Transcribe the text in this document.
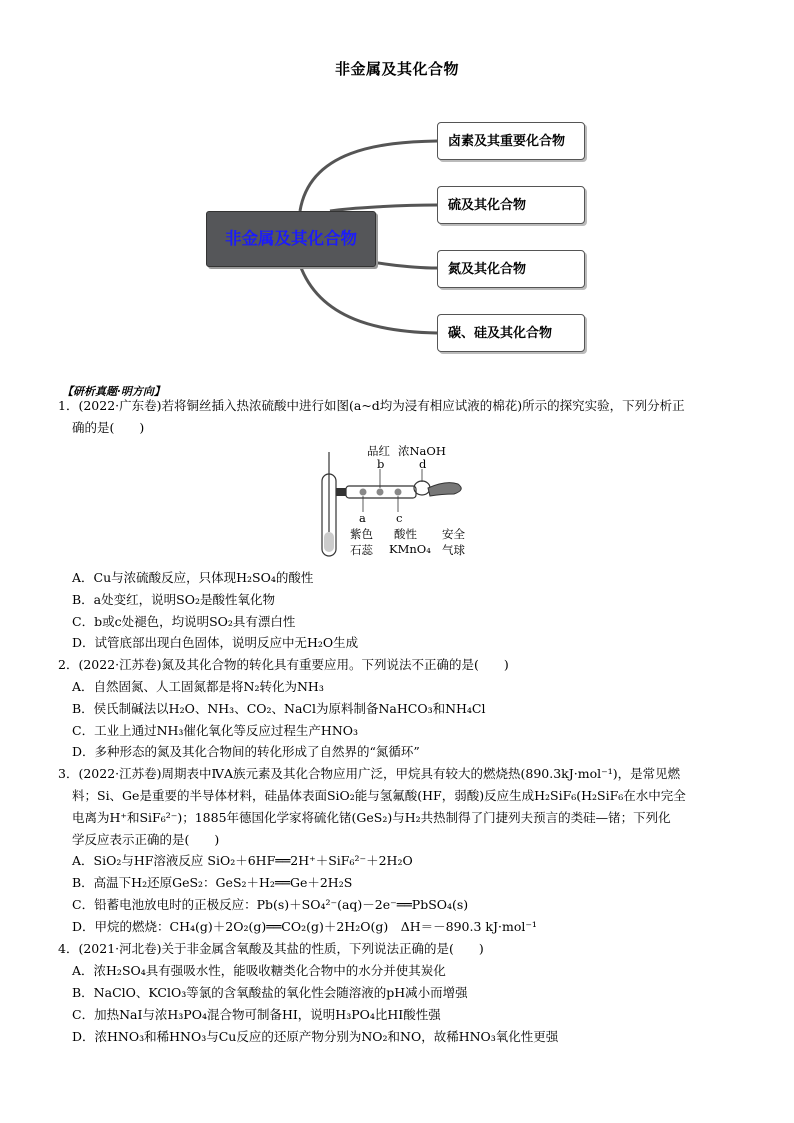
非金属及其化合物
非金属及其化合物
卤素及其重要化合物
硫及其化合物
氮及其化合物
碳、硅及其化合物
【研析真题·明方向】
1．(2022·广东卷)若将铜丝插入热浓硫酸中进行如图(a~d均为浸有相应试液的棉花)所示的探究实验，下列分析正
确的是(　　)
品红 浓NaOH
b	d
a	c
紫色
石蕊
酸性
KMnO₄
安全
气球
A．Cu与浓硫酸反应，只体现H₂SO₄的酸性
B．a处变红，说明SO₂是酸性氧化物
C．b或c处褪色，均说明SO₂具有漂白性
D．试管底部出现白色固体，说明反应中无H₂O生成
2．(2022·江苏卷)氮及其化合物的转化具有重要应用。下列说法不正确的是(　　)
A．自然固氮、人工固氮都是将N₂转化为NH₃
B．侯氏制碱法以H₂O、NH₃、CO₂、NaCl为原料制备NaHCO₃和NH₄Cl
C．工业上通过NH₃催化氧化等反应过程生产HNO₃
D．多种形态的氮及其化合物间的转化形成了自然界的“氮循环”
3．(2022·江苏卷)周期表中ⅣA族元素及其化合物应用广泛，甲烷具有较大的燃烧热(890.3kJ·mol⁻¹)，是常见燃
料；Si、Ge是重要的半导体材料，硅晶体表面SiO₂能与氢氟酸(HF，弱酸)反应生成H₂SiF₆(H₂SiF₆在水中完全
电离为H⁺和SiF₆²⁻)；1885年德国化学家将硫化锗(GeS₂)与H₂共热制得了门捷列夫预言的类硅—锗；下列化
学反应表示正确的是(　　)
A．SiO₂与HF溶液反应 SiO₂＋6HF══2H⁺＋SiF₆²⁻＋2H₂O
B．高温下H₂还原GeS₂：GeS₂＋H₂══Ge＋2H₂S
C．铅蓄电池放电时的正极反应：Pb(s)＋SO₄²⁻(aq)－2e⁻══PbSO₄(s)
D．甲烷的燃烧：CH₄(g)＋2O₂(g)══CO₂(g)＋2H₂O(g)　ΔH＝－890.3 kJ·mol⁻¹
4．(2021·河北卷)关于非金属含氧酸及其盐的性质，下列说法正确的是(　　)
A．浓H₂SO₄具有强吸水性，能吸收糖类化合物中的水分并使其炭化
B．NaClO、KClO₃等氯的含氧酸盐的氧化性会随溶液的pH减小而增强
C．加热NaI与浓H₃PO₄混合物可制备HI，说明H₃PO₄比HI酸性强
D．浓HNO₃和稀HNO₃与Cu反应的还原产物分别为NO₂和NO，故稀HNO₃氧化性更强
